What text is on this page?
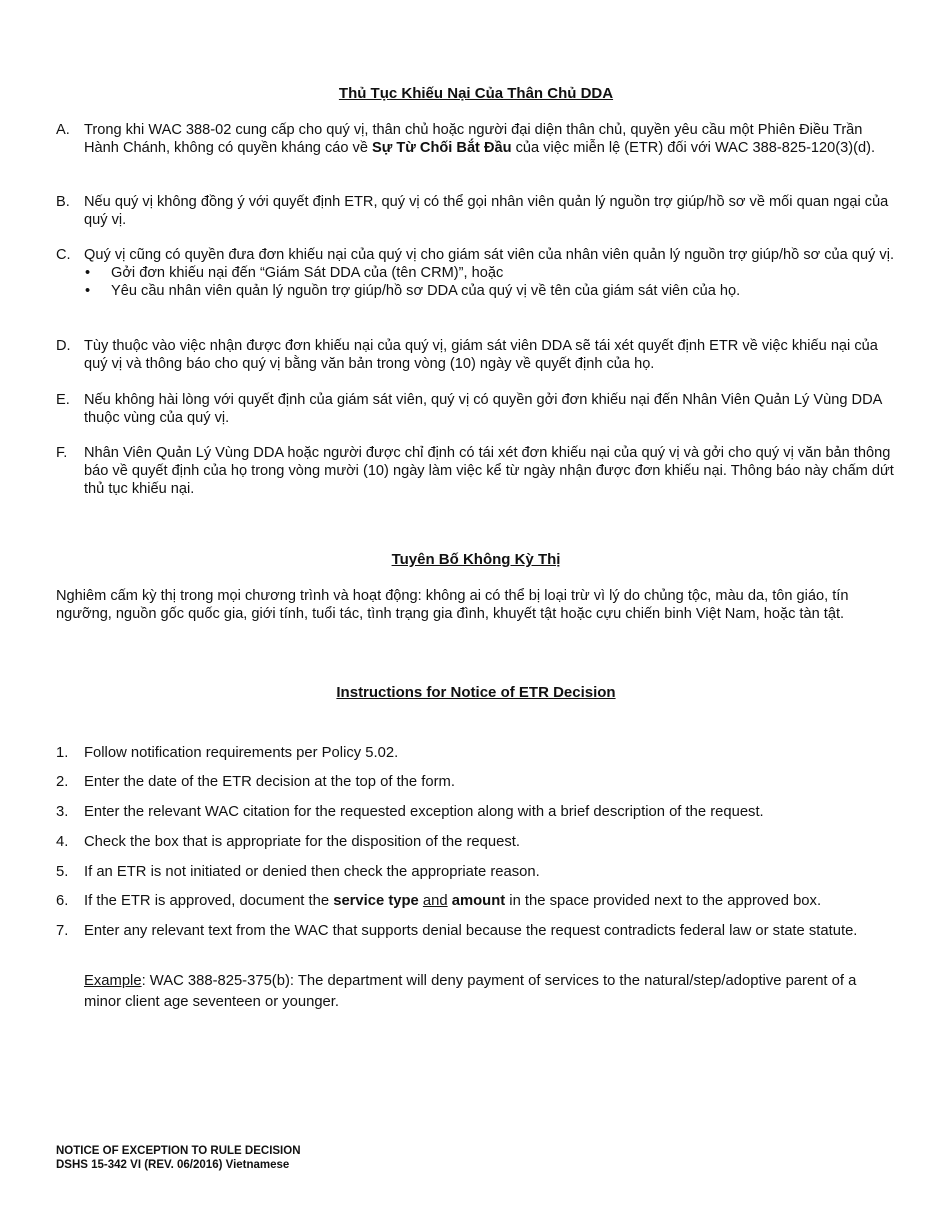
Thủ Tục Khiếu Nại Của Thân Chủ DDA
A. Trong khi WAC 388-02 cung cấp cho quý vị, thân chủ hoặc người đại diện thân chủ, quyền yêu cầu một Phiên Điều Trần Hành Chánh, không có quyền kháng cáo về Sự Từ Chối Bắt Đầu của việc miễn lệ (ETR) đối với WAC 388-825-120(3)(d).
B. Nếu quý vị không đồng ý với quyết định ETR, quý vị có thể gọi nhân viên quản lý nguồn trợ giúp/hồ sơ về mối quan ngại của quý vị.
C. Quý vị cũng có quyền đưa đơn khiếu nại của quý vị cho giám sát viên của nhân viên quản lý nguồn trợ giúp/hồ sơ của quý vị.
• Gởi đơn khiếu nại đến “Giám Sát DDA của (tên CRM)”, hoặc
• Yêu cầu nhân viên quản lý nguồn trợ giúp/hồ sơ DDA của quý vị về tên của giám sát viên của họ.
D. Tùy thuộc vào việc nhận được đơn khiếu nại của quý vị, giám sát viên DDA sẽ tái xét quyết định ETR về việc khiếu nại của quý vị và thông báo cho quý vị bằng văn bản trong vòng (10) ngày về quyết định của họ.
E. Nếu không hài lòng với quyết định của giám sát viên, quý vị có quyền gởi đơn khiếu nại đến Nhân Viên Quản Lý Vùng DDA thuộc vùng của quý vị.
F. Nhân Viên Quản Lý Vùng DDA hoặc người được chỉ định có tái xét đơn khiếu nại của quý vị và gởi cho quý vị văn bản thông báo về quyết định của họ trong vòng mười (10) ngày làm việc kể từ ngày nhận được đơn khiếu nại. Thông báo này chấm dứt thủ tục khiếu nại.
Tuyên Bố Không Kỳ Thị
Nghiêm cấm kỳ thị trong mọi chương trình và hoạt động: không ai có thể bị loại trừ vì lý do chủng tộc, màu da, tôn giáo, tín ngưỡng, nguồn gốc quốc gia, giới tính, tuổi tác, tình trạng gia đình, khuyết tật hoặc cựu chiến binh Việt Nam, hoặc tàn tật.
Instructions for Notice of ETR Decision
1. Follow notification requirements per Policy 5.02.
2. Enter the date of the ETR decision at the top of the form.
3. Enter the relevant WAC citation for the requested exception along with a brief description of the request.
4. Check the box that is appropriate for the disposition of the request.
5. If an ETR is not initiated or denied then check the appropriate reason.
6. If the ETR is approved, document the service type and amount in the space provided next to the approved box.
7. Enter any relevant text from the WAC that supports denial because the request contradicts federal law or state statute.
Example: WAC 388-825-375(b): The department will deny payment of services to the natural/step/adoptive parent of a minor client age seventeen or younger.
NOTICE OF EXCEPTION TO RULE DECISION
DSHS 15-342 VI (REV. 06/2016) Vietnamese
